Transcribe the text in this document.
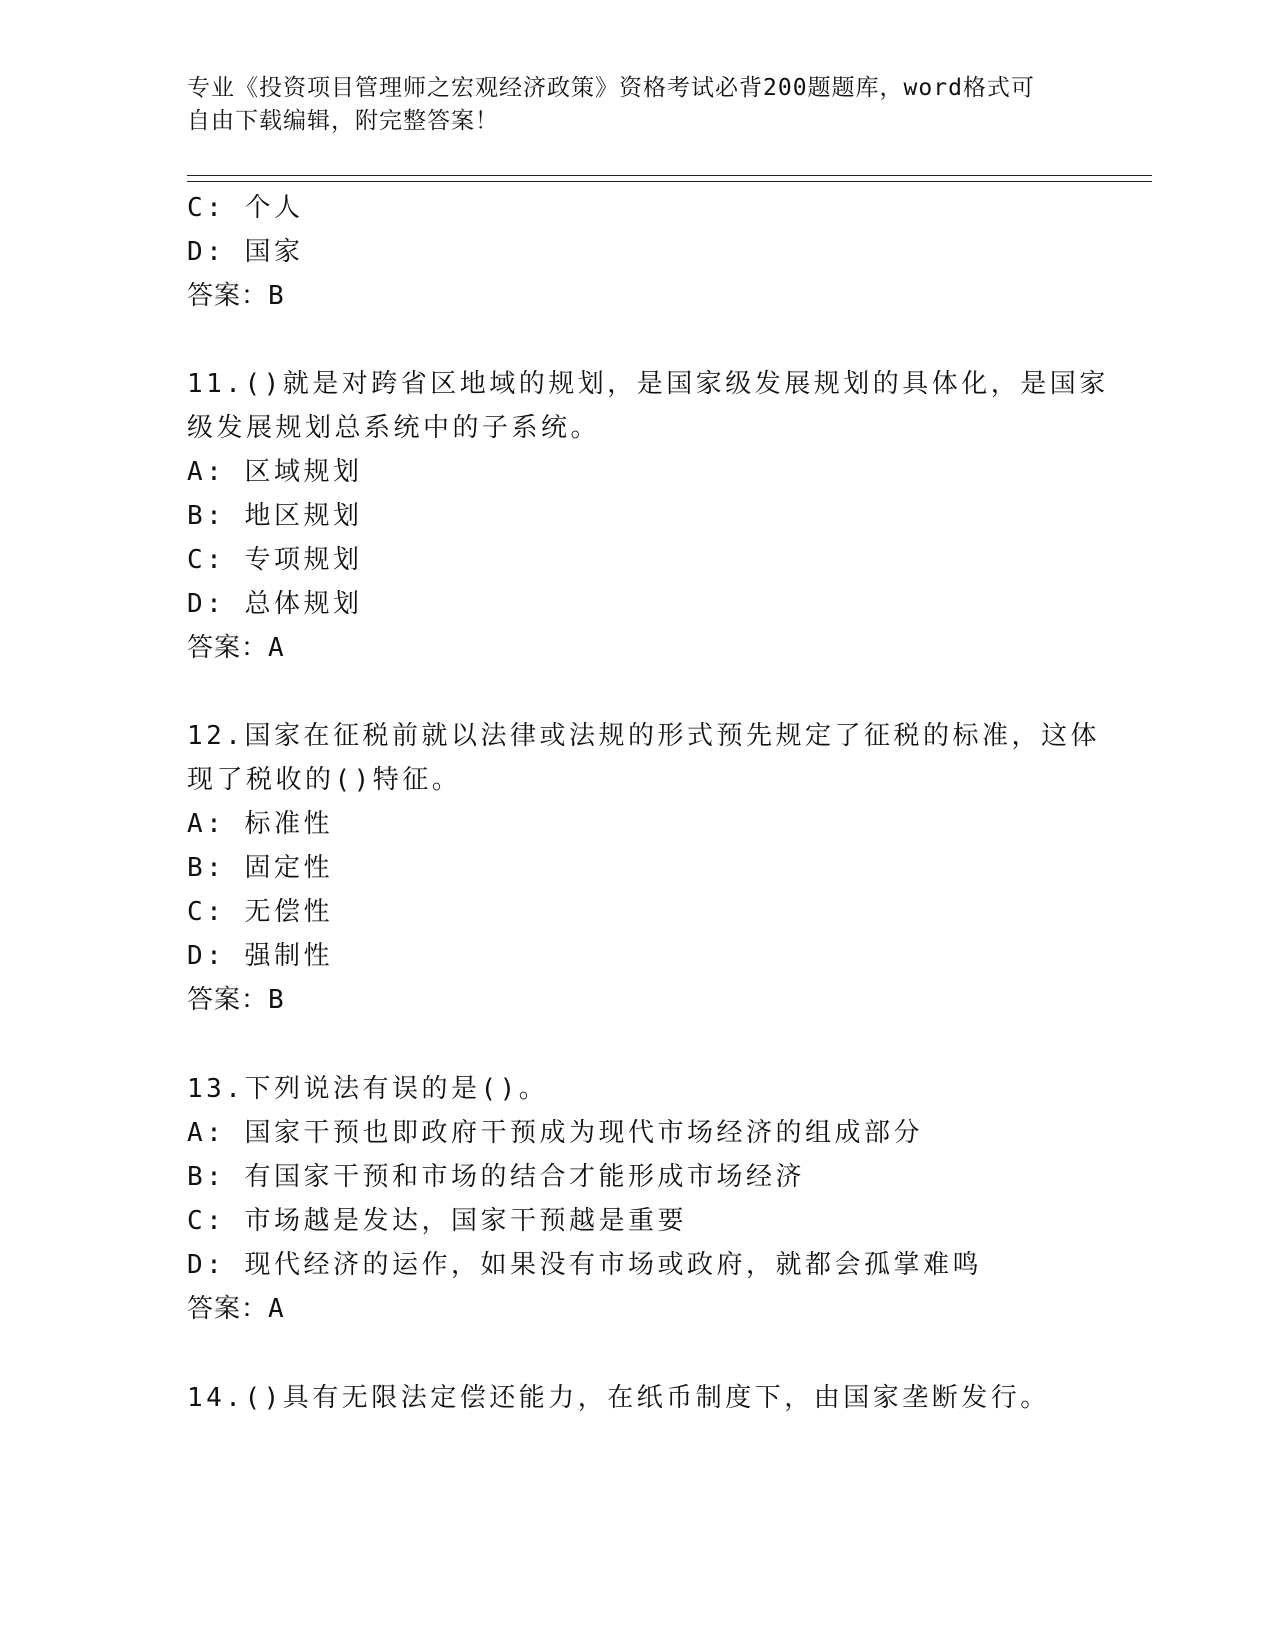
专业《投资项目管理师之宏观经济政策》资格考试必背200题题库，word格式可
自由下载编辑，附完整答案！
C: 个人
D: 国家
答案：B
11.()就是对跨省区地域的规划，是国家级发展规划的具体化，是国家
级发展规划总系统中的子系统。
A: 区域规划
B: 地区规划
C: 专项规划
D: 总体规划
答案：A
12.国家在征税前就以法律或法规的形式预先规定了征税的标准，这体
现了税收的()特征。
A: 标准性
B: 固定性
C: 无偿性
D: 强制性
答案：B
13.下列说法有误的是()。
A: 国家干预也即政府干预成为现代市场经济的组成部分
B: 有国家干预和市场的结合才能形成市场经济
C: 市场越是发达，国家干预越是重要
D: 现代经济的运作，如果没有市场或政府，就都会孤掌难鸣
答案：A
14.()具有无限法定偿还能力，在纸币制度下，由国家垄断发行。
